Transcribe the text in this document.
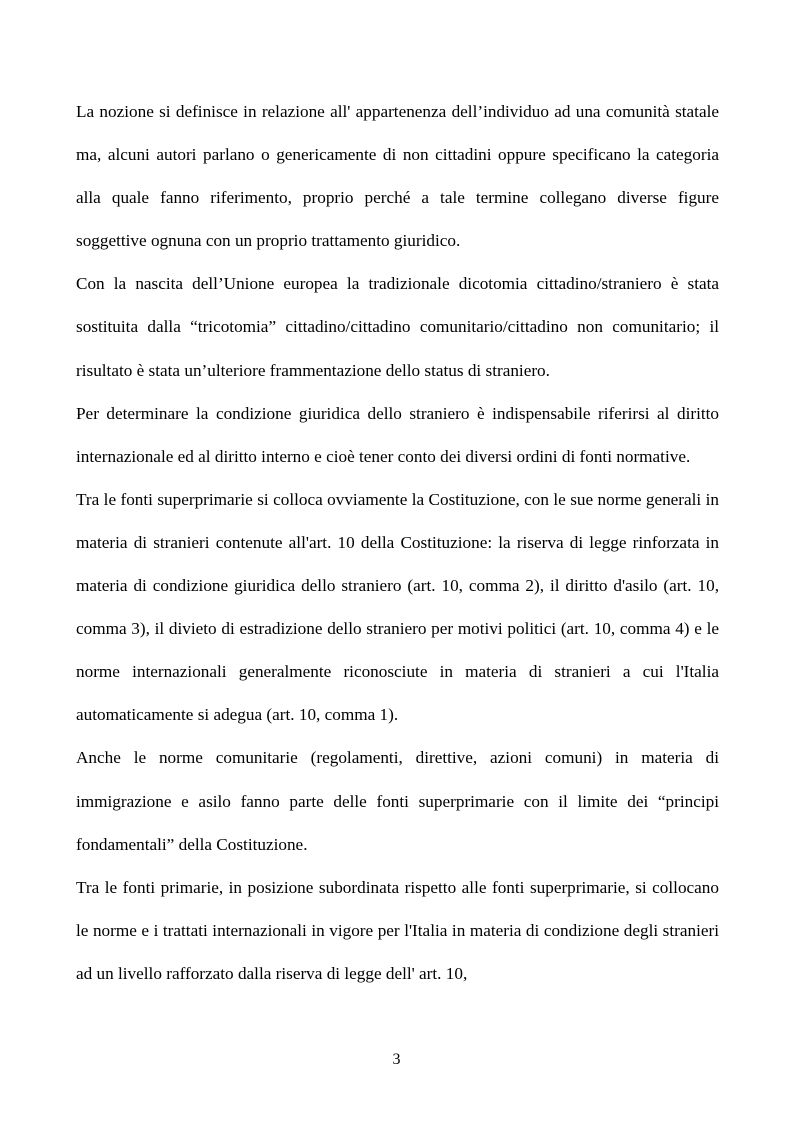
La nozione si definisce in relazione all' appartenenza dell’individuo ad una comunità statale ma, alcuni autori parlano o genericamente di non cittadini oppure specificano la categoria alla quale fanno riferimento, proprio perché a tale termine collegano diverse figure soggettive ognuna con un proprio trattamento giuridico.

Con la nascita dell’Unione europea la tradizionale dicotomia cittadino/straniero è stata sostituita dalla “tricotomia” cittadino/cittadino comunitario/cittadino non comunitario; il risultato è stata un’ulteriore frammentazione dello status di straniero.

Per determinare la condizione giuridica dello straniero è indispensabile riferirsi al diritto internazionale ed al diritto interno e cioè tener conto dei diversi ordini di fonti normative.

Tra le fonti superprimarie si colloca ovviamente la Costituzione, con le sue norme generali in materia di stranieri contenute all'art. 10 della Costituzione: la riserva di legge rinforzata in materia di condizione giuridica dello straniero (art. 10, comma 2), il diritto d'asilo (art. 10, comma 3), il divieto di estradizione dello straniero per motivi politici (art. 10, comma 4) e le norme internazionali generalmente riconosciute in materia di stranieri a cui l'Italia automaticamente si adegua (art. 10, comma 1).

Anche le norme comunitarie (regolamenti, direttive, azioni comuni) in materia di immigrazione e asilo fanno parte delle fonti superprimarie con il limite dei “principi fondamentali” della Costituzione.

Tra le fonti primarie, in posizione subordinata rispetto alle fonti superprimarie, si collocano le norme e i trattati internazionali in vigore per l'Italia in materia di condizione degli stranieri ad un livello rafforzato dalla riserva di legge dell' art. 10,

3
